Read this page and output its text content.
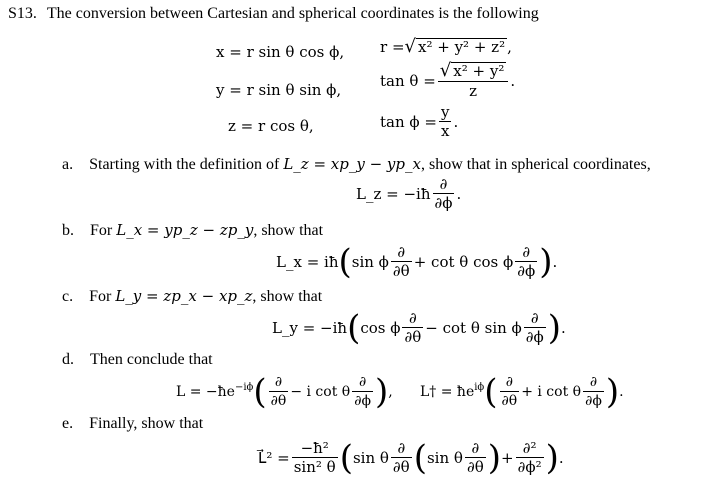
S13. The conversion between Cartesian and spherical coordinates is the following
x = r sin θ cos ϕ,
y = r sin θ sin ϕ,
z = r cos θ,
r = √ x² + y² + z² ,
$\tan \theta = \frac{\text{√ x² + y²}}{z}$ .
$\tan \phi = \frac{y}{x}$ .
a. Starting with the definition of L_z = xp_y − yp_x, show that in spherical coordinates,
L_z = −iħ $\frac{\partial}{\partial\phi}$ .
b. For L_x = yp_z − zp_y, show that
L_x = iħ ( sin ϕ $\frac{\partial}{\partial\theta} + \cot \theta$ cos ϕ $\frac{\partial}{\partial\phi}$ ) .
c. For L_y = zp_x − xp_z, show that
L_y = −iħ ( cos ϕ $\frac{\partial}{\partial\theta} - \cot \theta$ sin ϕ $\frac{\partial}{\partial\phi}$ ) .
d. Then conclude that
$L = -ħe^{-i\phi}$ ( $\frac{\partial}{\partial\theta} - i$ cot θ $\frac{\partial}{\partial\phi}$ ) , L† = $ħe^{i\phi}$ ( $\frac{\partial}{\partial\theta} + i$ cot θ $\frac{\partial}{\partial\phi}$ ) .
e. Finally, show that
L⃗² = $\frac{\text{−ħ²}}{\text{sin² θ}}$ ( sin θ $\frac{\partial}{\partial\theta}$ ( sin θ $\frac{\partial}{\partial\theta}$ ) + $\frac{\text{∂²}}{\text{∂ϕ²}}$ ) .
